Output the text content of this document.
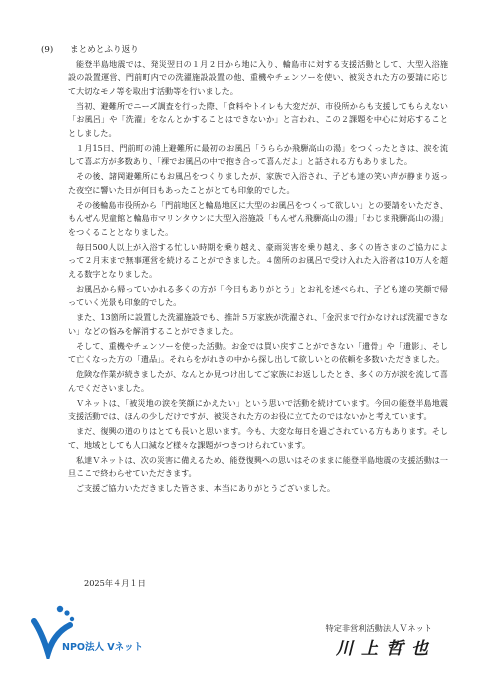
(9) まとめとふり返り

能登半島地震では、発災翌日の１月２日から地に入り、輪島市に対する支援活動として、大型入浴施設の設置運営、門前町内での洗濯施設設置の他、重機やチェンソーを使い、被災された方の要請に応じて大切なモノ等を取出す活動等を行いました。

当初、避難所でニーズ調査を行った際、「食料やトイレも大変だが、市役所からも支援してもらえない「お風呂」や「洗濯」をなんとかすることはできないか」と言われ、この２課題を中心に対応することとしました。

１月15日、門前町の浦上避難所に最初のお風呂「うららか飛騨高山の湯」をつくったときは、涙を流して喜ぶ方が多数あり、「裸でお風呂の中で抱き合って喜んだよ」と話される方もありました。

その後、諸岡避難所にもお風呂をつくりましたが、家族で入浴され、子ども達の笑い声が静まり返った夜空に響いた日が何日もあったことがとても印象的でした。

その後輪島市役所から「門前地区と輪島地区に大型のお風呂をつくって欲しい」との要請をいただき、もんぜん児童館と輪島市マリンタウンに大型入浴施設「もんぜん飛騨高山の湯」「わじま飛騨高山の湯」をつくることとなりました。

毎日500人以上が入浴する忙しい時期を乗り越え、豪雨災害を乗り越え、多くの皆さまのご協力によって２月末まで無事運営を続けることができました。４箇所のお風呂で受け入れた入浴者は10万人を超える数字となりました。

お風呂から帰っていかれる多くの方が「今日もありがとう」とお礼を述べられ、子ども達の笑顔で帰っていく光景も印象的でした。

また、13箇所に設置した洗濯施設でも、推計５万家族が洗濯され、「金沢まで行かなければ洗濯できない」などの悩みを解消することができました。

そして、重機やチェンソーを使った活動。お金では買い戻すことができない「遺骨」や「遺影」、そして亡くなった方の「遺品」。それらをがれきの中から探し出して欲しいとの依頼を多数いただきました。

危険な作業が続きましたが、なんとか見つけ出してご家族にお返ししたとき、多くの方が涙を流して喜んでくださいました。

Ｖネットは、「被災地の涙を笑顔にかえたい」という思いで活動を続けています。今回の能登半島地震支援活動では、ほんの少しだけですが、被災された方のお役に立てたのではないかと考えています。

まだ、復興の道のりはとても長いと思います。今も、大変な毎日を過ごされている方もあります。そして、地域としても人口減など様々な課題がつきつけられています。

私達Ｖネットは、次の災害に備えるため、能登復興への思いはそのままに能登半島地震の支援活動は一旦ここで終わらせていただきます。

ご支援ご協力いただきました皆さま、本当にありがとうございました。

2025年４月１日
NPO法人 Vネット
特定非営利活動法人Ｖネット
川上哲也
